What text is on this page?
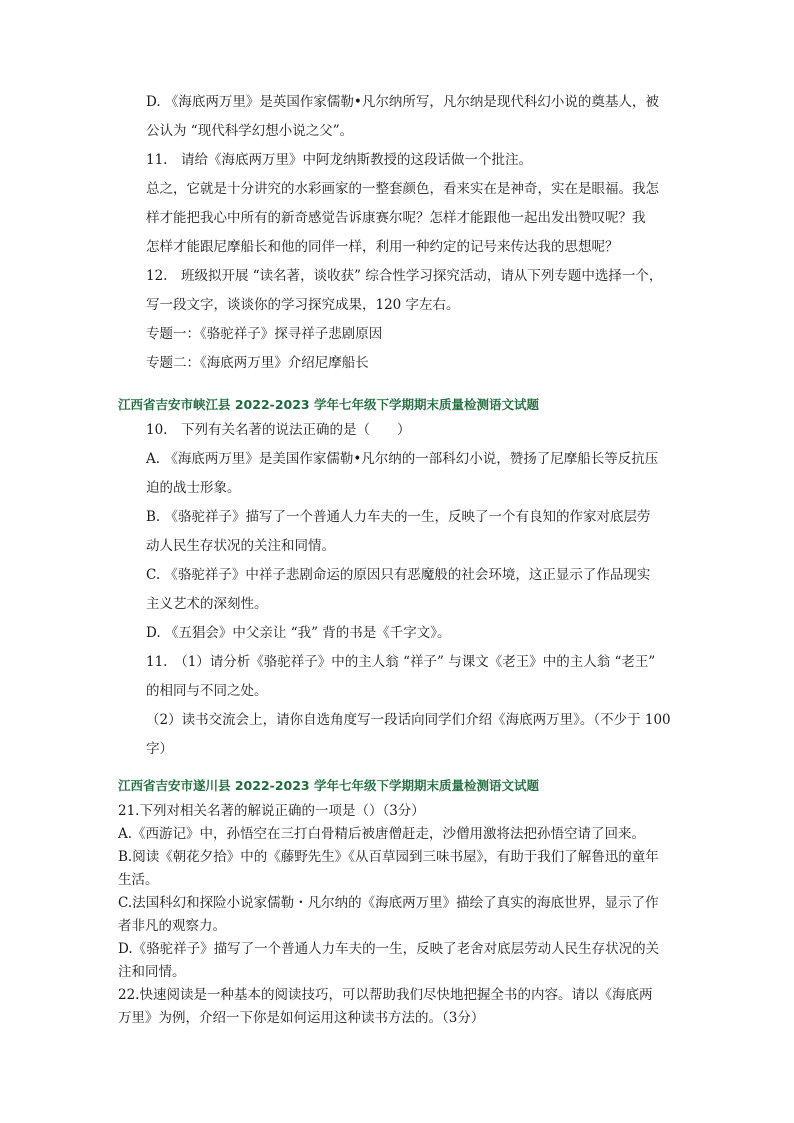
D. 《海底两万里》是英国作家儒勒•凡尔纳所写，凡尔纳是现代科幻小说的奠基人，被

公认为 “现代科学幻想小说之父”。

11.　请给《海底两万里》中阿龙纳斯教授的这段话做一个批注。

总之，它就是十分讲究的水彩画家的一整套颜色，看来实在是神奇，实在是眼福。我怎

样才能把我心中所有的新奇感觉告诉康赛尔呢？怎样才能跟他一起出发出赞叹呢？我

怎样才能跟尼摩船长和他的同伴一样，利用一种约定的记号来传达我的思想呢？

12.　班级拟开展 “读名著，谈收获” 综合性学习探究活动，请从下列专题中选择一个，

写一段文字，谈谈你的学习探究成果，120 字左右。

专题一：《骆驼祥子》探寻祥子悲剧原因

专题二：《海底两万里》介绍尼摩船长

江西省吉安市峡江县 2022-2023 学年七年级下学期期末质量检测语文试题

10.　下列有关名著的说法正确的是（　　）

A. 《海底两万里》是美国作家儒勒•凡尔纳的一部科幻小说，赞扬了尼摩船长等反抗压

迫的战士形象。

B. 《骆驼祥子》描写了一个普通人力车夫的一生，反映了一个有良知的作家对底层劳

动人民生存状况的关注和同情。

C. 《骆驼祥子》中祥子悲剧命运的原因只有恶魔般的社会环境，这正显示了作品现实

主义艺术的深刻性。

D. 《五猖会》中父亲让 “我” 背的书是《千字文》。

11.　（1）请分析《骆驼祥子》中的主人翁 “祥子” 与课文《老王》中的主人翁 “老王”

的相同与不同之处。

（2）读书交流会上，请你自选角度写一段话向同学们介绍《海底两万里》。（不少于 100

字）

江西省吉安市遂川县 2022-2023 学年七年级下学期期末质量检测语文试题

21.下列对相关名著的解说正确的一项是（）（3分）

A.《西游记》中，孙悟空在三打白骨精后被唐僧赶走，沙僧用激将法把孙悟空请了回来。

B.阅读《朝花夕拾》中的《藤野先生》《从百草园到三味书屋》，有助于我们了解鲁迅的童年

生活。

C.法国科幻和探险小说家儒勒・凡尔纳的《海底两万里》描绘了真实的海底世界，显示了作

者非凡的观察力。

D.《骆驼祥子》描写了一个普通人力车夫的一生，反映了老舍对底层劳动人民生存状况的关

注和同情。

22.快速阅读是一种基本的阅读技巧，可以帮助我们尽快地把握全书的内容。请以《海底两

万里》为例，介绍一下你是如何运用这种读书方法的。（3分）
